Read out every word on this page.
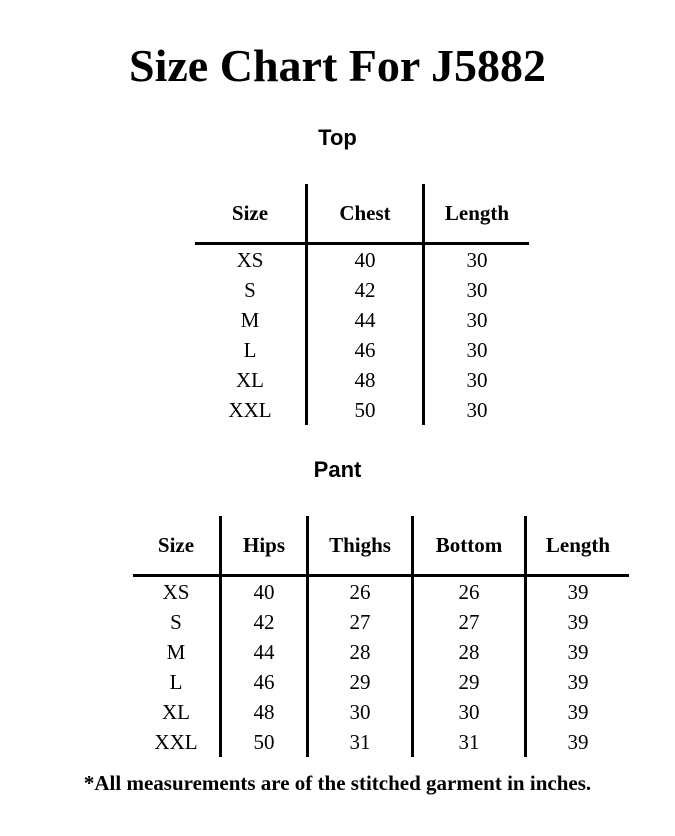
Size Chart For J5882
Top
Size	Chest	Length
XS	40	30
S	42	30
M	44	30
L	46	30
XL	48	30
XXL	50	30
Pant
Size	Hips	Thighs	Bottom	Length
XS	40	26	26	39
S	42	27	27	39
M	44	28	28	39
L	46	29	29	39
XL	48	30	30	39
XXL	50	31	31	39

*All measurements are of the stitched garment in inches.
